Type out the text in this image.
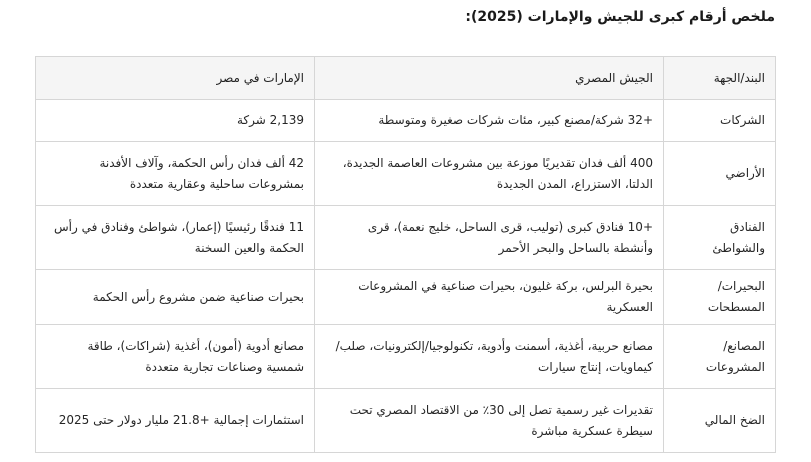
ملخص أرقام كبرى للجيش والإمارات (2025):
البند/الجهة	الجيش المصري	الإمارات في مصر
الشركات	+32 شركة/مصنع كبير، مئات شركات صغيرة ومتوسطة	2,139 شركة
الأراضي	400 ألف فدان تقديريًا موزعة بين مشروعات العاصمة الجديدة، الدلتا، الاستزراع، المدن الجديدة	42 ألف فدان رأس الحكمة، وآلاف الأفدنة بمشروعات ساحلية وعقارية متعددة
الفنادق والشواطئ	+10 فنادق كبرى (توليب، قرى الساحل، خليج نعمة)، قرى وأنشطة بالساحل والبحر الأحمر	11 فندقًا رئيسيًا (إعمار)، شواطئ وفنادق في رأس الحكمة والعين السخنة
البحيرات/المسطحات	بحيرة البرلس، بركة غليون، بحيرات صناعية في المشروعات العسكرية	بحيرات صناعية ضمن مشروع رأس الحكمة
المصانع/المشروعات	مصانع حربية، أغذية، أسمنت وأدوية، تكنولوجيا/إلكترونيات، صلب/كيماويات، إنتاج سيارات	مصانع أدوية (أمون)، أغذية (شراكات)، طاقة شمسية وصناعات تجارية متعددة
الضخ المالي	تقديرات غير رسمية تصل إلى 30٪ من الاقتصاد المصري تحت سيطرة عسكرية مباشرة	استثمارات إجمالية +21.8 مليار دولار حتى 2025
